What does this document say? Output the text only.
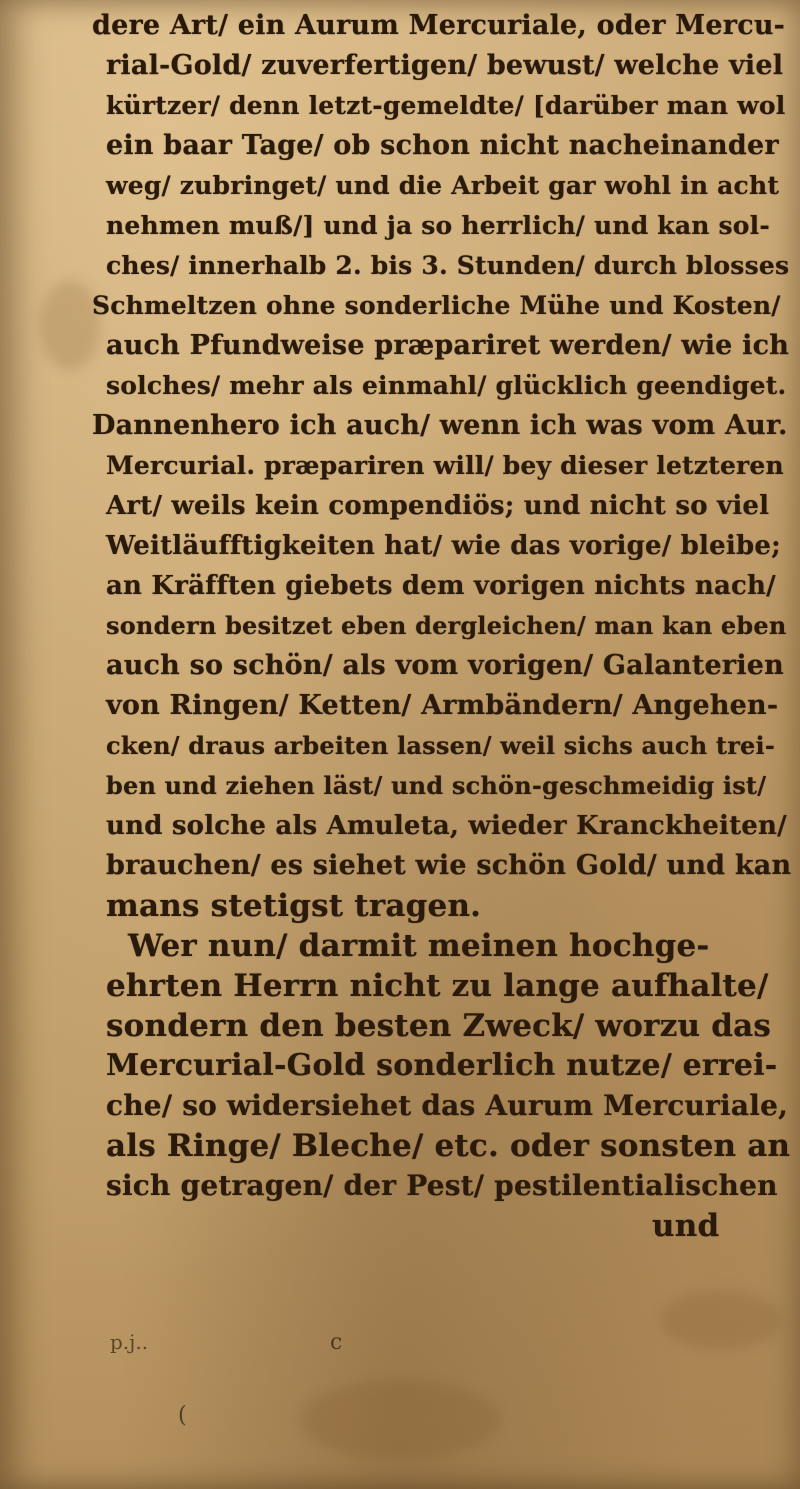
dere Art/ ein Aurum Mercuriale, oder Mercu-
rial-Gold/ zuverfertigen/ bewust/ welche viel
kürtzer/ denn letzt-gemeldte/ [darüber man wol
ein baar Tage/ ob schon nicht nacheinander
weg/ zubringet/ und die Arbeit gar wohl in acht
nehmen muß/] und ja so herrlich/ und kan sol-
ches/ innerhalb 2. bis 3. Stunden/ durch blosses
Schmeltzen ohne sonderliche Mühe und Kosten/
auch Pfundweise præpariret werden/ wie ich
solches/ mehr als einmahl/ glücklich geendiget.
Dannenhero ich auch/ wenn ich was vom Aur.
Mercurial. præpariren will/ bey dieser letzteren
Art/ weils kein compendiös; und nicht so viel
Weitläufftigkeiten hat/ wie das vorige/ bleibe;
an Kräfften giebets dem vorigen nichts nach/
sondern besitzet eben dergleichen/ man kan eben
auch so schön/ als vom vorigen/ Galanterien
von Ringen/ Ketten/ Armbändern/ Angehen-
cken/ draus arbeiten lassen/ weil sichs auch trei-
ben und ziehen läst/ und schön-geschmeidig ist/
und solche als Amuleta, wieder Kranckheiten/
brauchen/ es siehet wie schön Gold/ und kan
mans stetigst tragen.
Wer nun/ darmit meinen hochge-
ehrten Herrn nicht zu lange aufhalte/
sondern den besten Zweck/ worzu das
Mercurial-Gold sonderlich nutze/ errei-
che/ so widersiehet das Aurum Mercuriale,
als Ringe/ Bleche/ etc. oder sonsten an
sich getragen/ der Pest/ pestilentialischen
und
p.j..	c
(
